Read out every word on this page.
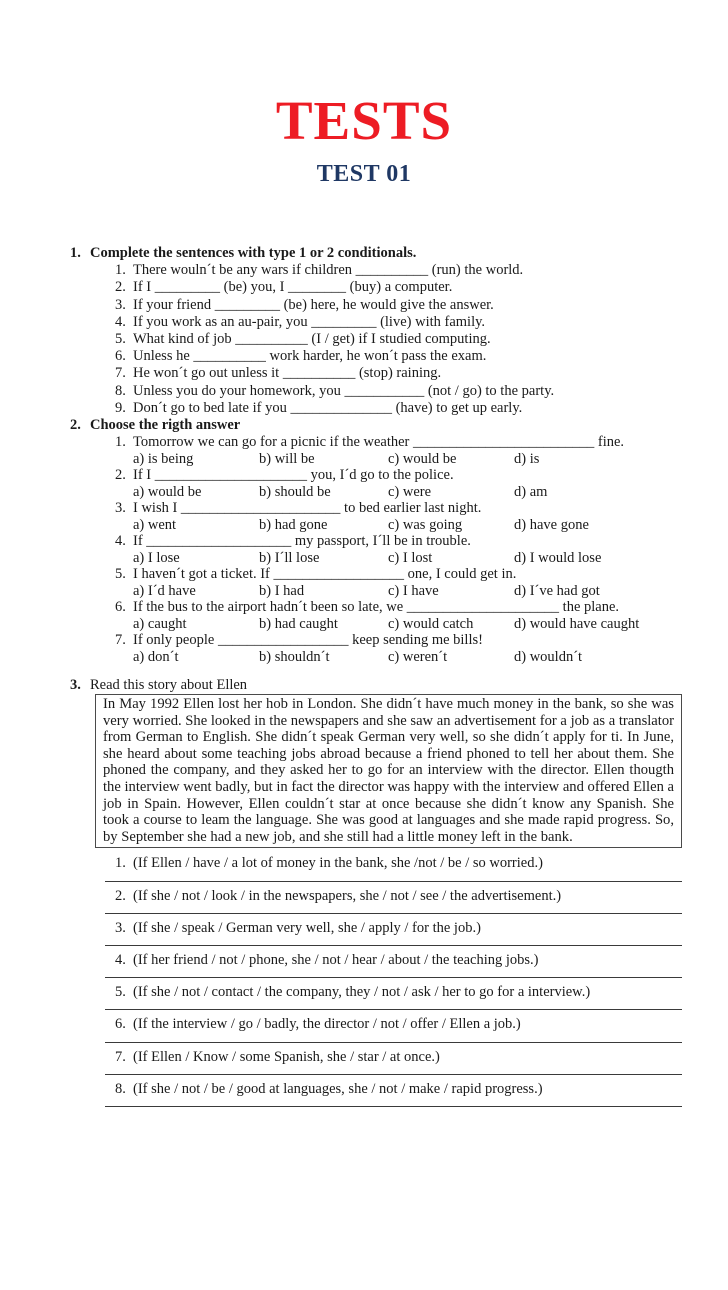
TESTS
TEST 01
1. Complete the sentences with type 1 or 2 conditionals.
1. There wouln´t be any wars if children __________ (run) the world.
2. If I _________ (be) you, I ________ (buy) a computer.
3. If your friend _________ (be) here, he would give the answer.
4. If you work as an au-pair, you _________ (live) with family.
5. What kind of job __________ (I / get) if I studied computing.
6. Unless he __________ work harder, he won´t pass the exam.
7. He won´t go out unless it __________ (stop) raining.
8. Unless you do your homework, you ___________ (not / go) to the party.
9. Don´t go to bed late if you ______________ (have) to get up early.
2. Choose the rigth answer
1. Tomorrow we can go for a picnic if the weather _________________________ fine.
a) is being	b) will be	c) would be	d) is
2. If I _____________________ you, I´d go to the police.
a) would be	b) should be	c) were	d) am
3. I wish I ______________________ to bed earlier last night.
a) went	b) had gone	c) was going	d) have gone
4. If ____________________ my passport, I´ll be in trouble.
a) I lose	b) I´ll lose	c) I lost	d) I would lose
5. I haven´t got a ticket. If __________________ one, I could get in.
a) I´d have	b) I had	c) I have	d) I´ve had got
6. If the bus to the airport hadn´t been so late, we _____________________ the plane.
a) caught	b) had caught	c) would catch	d) would have caught
7. If only people __________________ keep sending me bills!
a) don´t	b) shouldn´t	c) weren´t	d) wouldn´t
3. Read this story about Ellen
In May 1992 Ellen lost her hob in London. She didn´t have much money in the bank, so she was very worried. She looked in the newspapers and she saw an advertisement for a job as a translator from German to English. She didn´t speak German very well, so she didn´t apply for ti. In June, she heard about some teaching jobs abroad because a friend phoned to tell her about them. She phoned the company, and they asked her to go for an interview with the director. Ellen thougth the interview went badly, but in fact the director was happy with the interview and offered Ellen a job in Spain. However, Ellen couldn´t star at once because she didn´t know any Spanish. She took a course to leam the language. She was good at languages and she made rapid progress. So, by September she had a new job, and she still had a little money left in the bank.
1. (If Ellen / have / a lot of money in the bank, she /not / be / so worried.)
2. (If she / not / look / in the newspapers, she / not / see / the advertisement.)
3. (If she / speak / German very well, she / apply / for the job.)
4. (If her friend / not / phone, she / not / hear / about / the teaching jobs.)
5. (If she / not / contact / the company, they / not / ask / her to go for a interview.)
6. (If the interview / go / badly, the director / not / offer / Ellen a job.)
7. (If Ellen / Know / some Spanish, she / star / at once.)
8. (If she / not / be / good at languages, she / not / make / rapid progress.)
